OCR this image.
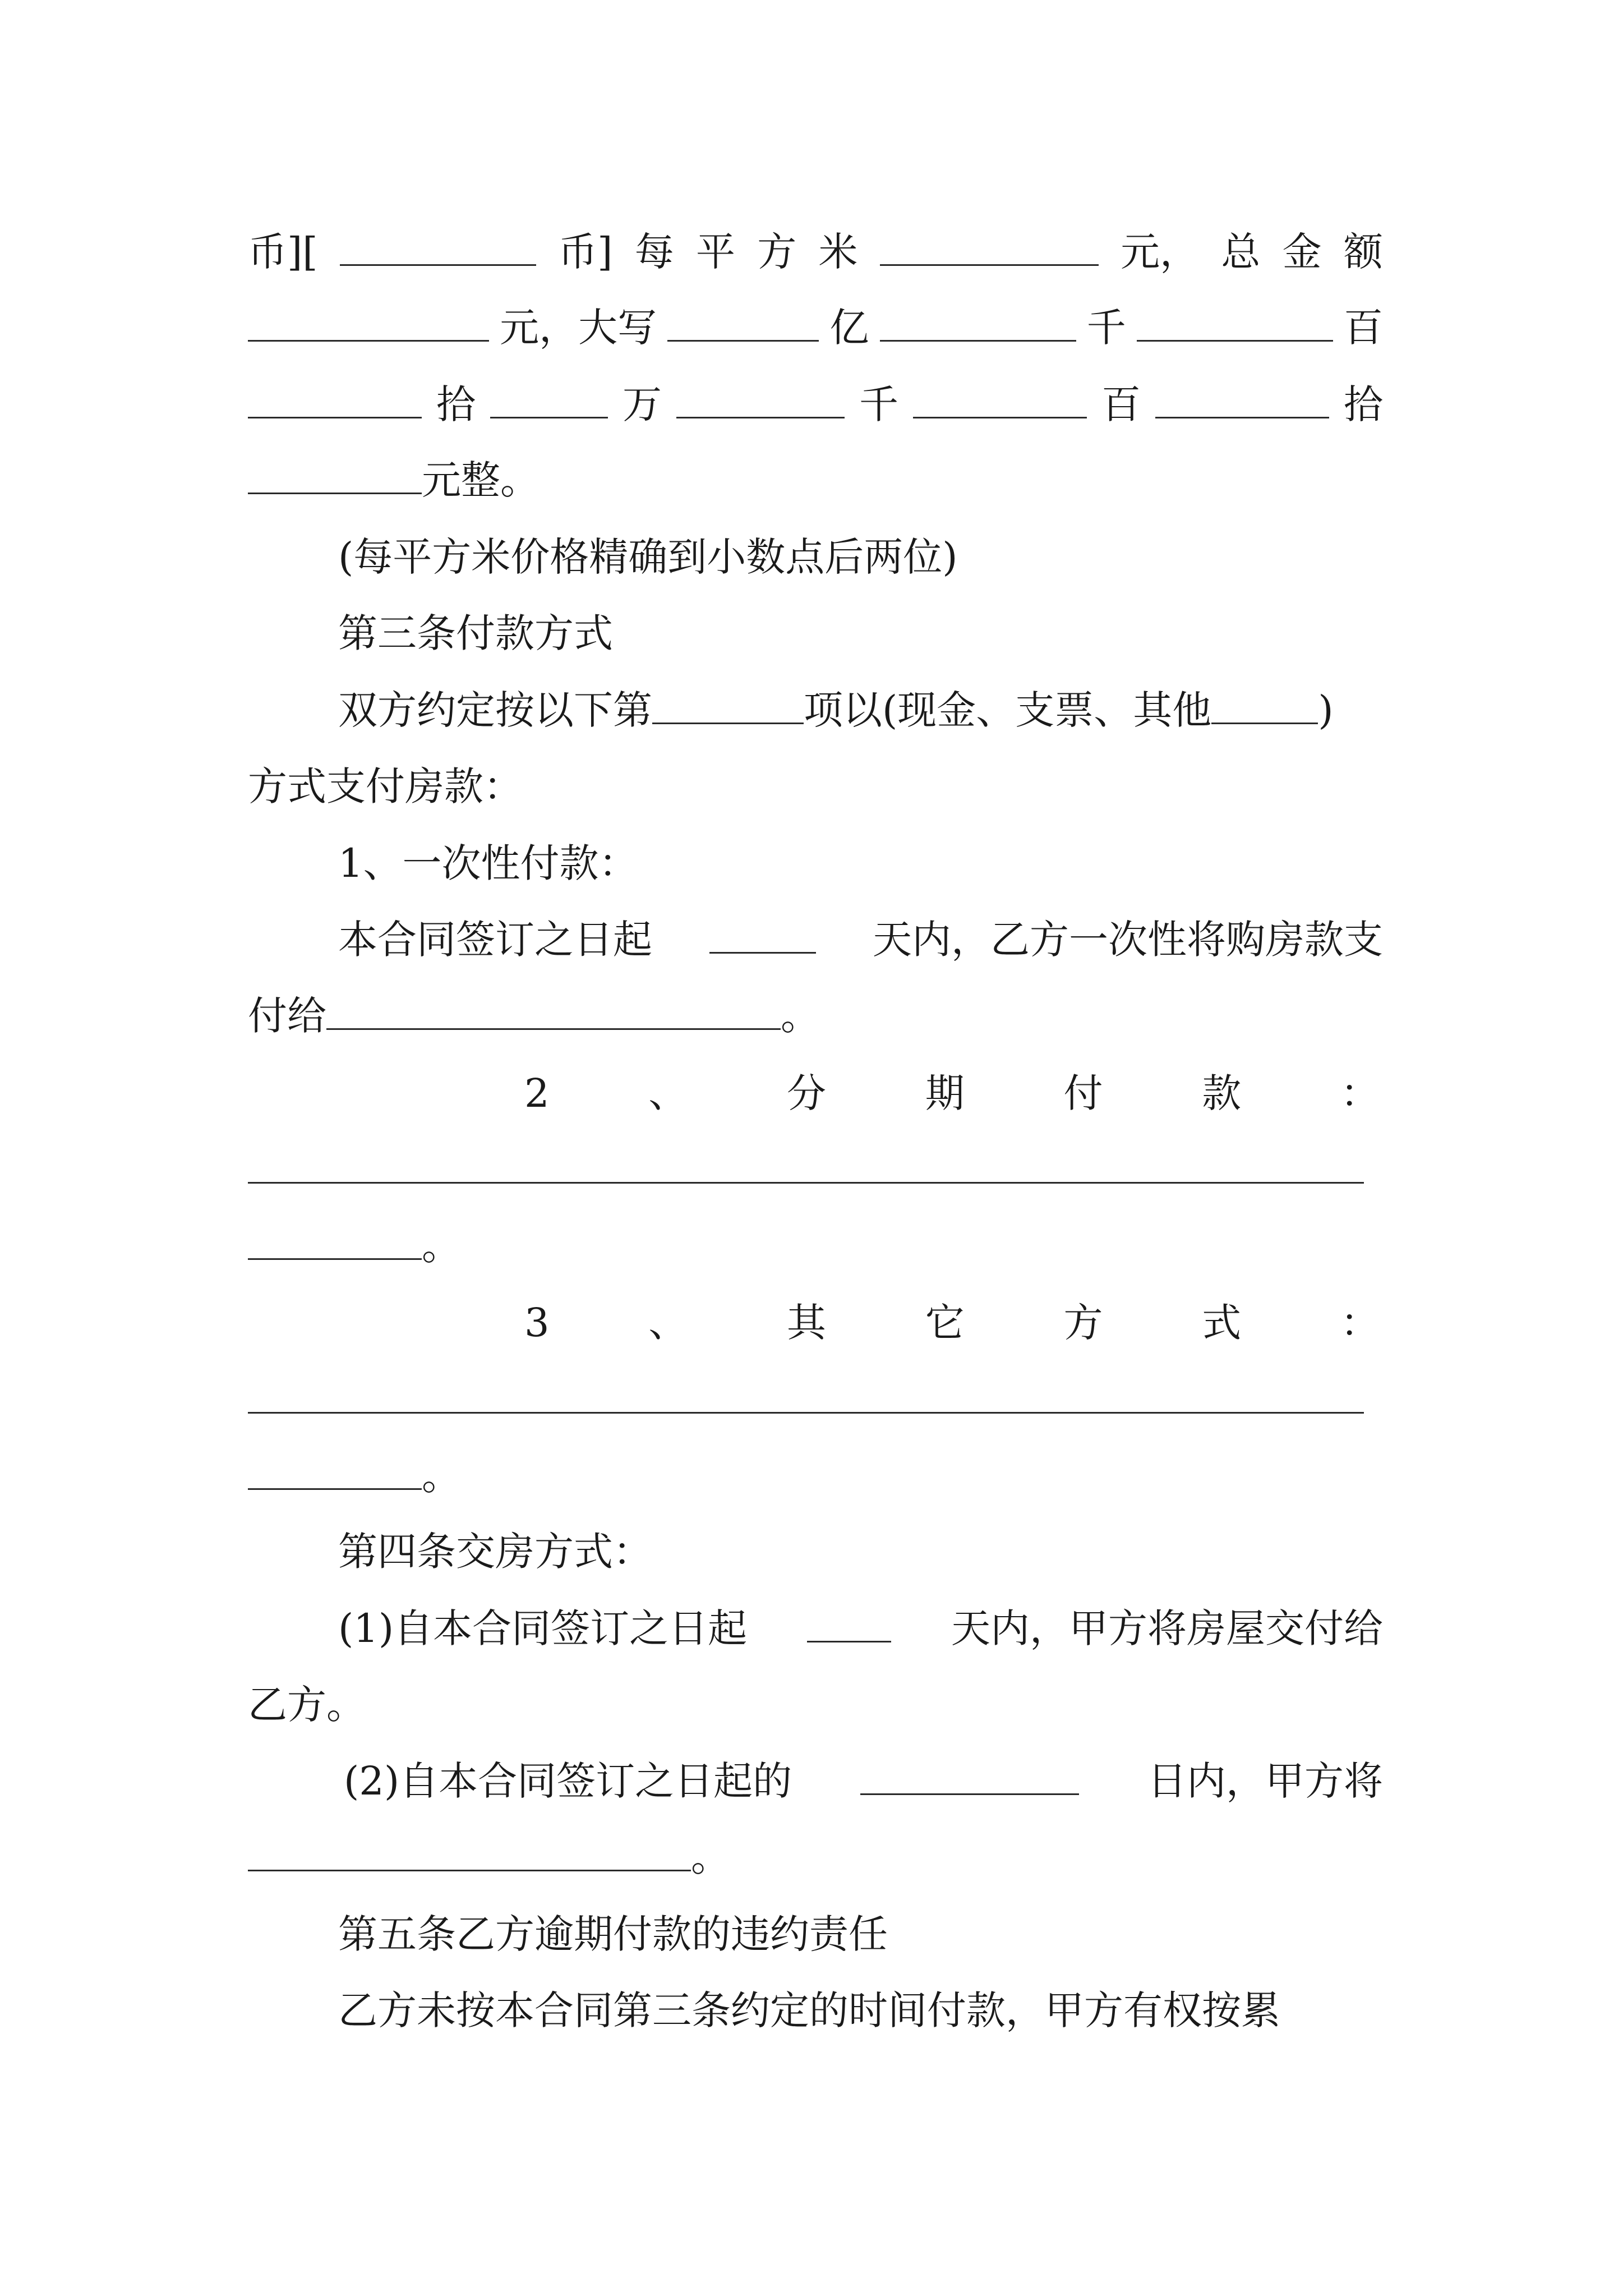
币][	币] 每 平 方 米	元， 总 金 额
元，大写	亿	千	百
拾	万	千	百	拾
元整。
(每平方米价格精确到小数点后两位)
第三条付款方式
双方约定按以下第	项以(现金、支票、其他	)
方式支付房款：
1、一次性付款：
本合同签订之日起	天内，乙方一次性将购房款支
付给	。
2	、	分	期	付	款	：
。
3	、	其	它	方	式	：
。
第四条交房方式：
(1)自本合同签订之日起	天内，甲方将房屋交付给
乙方。
(2)自本合同签订之日起的	日内，甲方将
。
第五条乙方逾期付款的违约责任
乙方未按本合同第三条约定的时间付款，甲方有权按累
